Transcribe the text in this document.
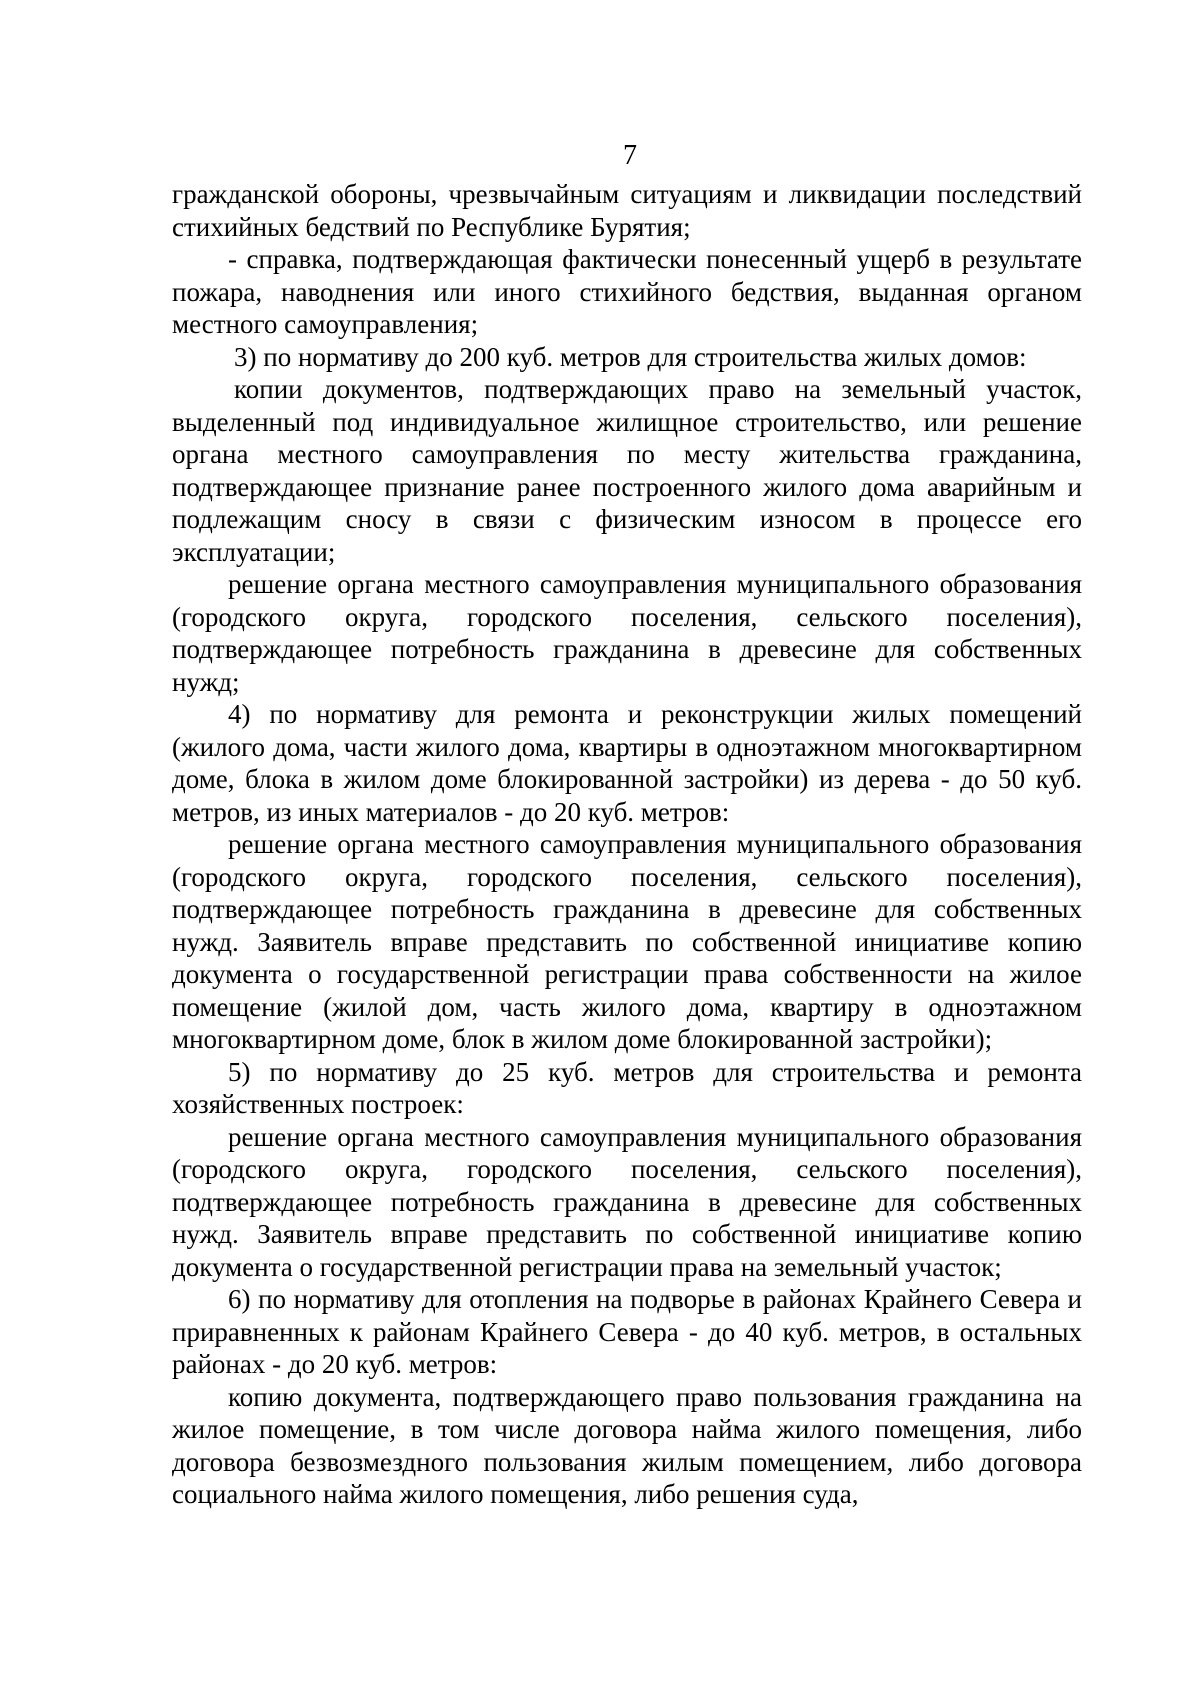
7

гражданской обороны, чрезвычайным ситуациям и ликвидации последствий стихийных бедствий по Республике Бурятия;

- справка, подтверждающая фактически понесенный ущерб в результате пожара, наводнения или иного стихийного бедствия, выданная органом местного самоуправления;

3) по нормативу до 200 куб. метров для строительства жилых домов:

копии документов, подтверждающих право на земельный участок, выделенный под индивидуальное жилищное строительство, или решение органа местного самоуправления по месту жительства гражданина, подтверждающее признание ранее построенного жилого дома аварийным и подлежащим сносу в связи с физическим износом в процессе его эксплуатации;

решение органа местного самоуправления муниципального образования (городского округа, городского поселения, сельского поселения), подтверждающее потребность гражданина в древесине для собственных нужд;

4) по нормативу для ремонта и реконструкции жилых помещений (жилого дома, части жилого дома, квартиры в одноэтажном многоквартирном доме, блока в жилом доме блокированной застройки) из дерева - до 50 куб. метров, из иных материалов - до 20 куб. метров:

решение органа местного самоуправления муниципального образования (городского округа, городского поселения, сельского поселения), подтверждающее потребность гражданина в древесине для собственных нужд. Заявитель вправе представить по собственной инициативе копию документа о государственной регистрации права собственности на жилое помещение (жилой дом, часть жилого дома, квартиру в одноэтажном многоквартирном доме, блок в жилом доме блокированной застройки);

5) по нормативу до 25 куб. метров для строительства и ремонта хозяйственных построек:

решение органа местного самоуправления муниципального образования (городского округа, городского поселения, сельского поселения), подтверждающее потребность гражданина в древесине для собственных нужд. Заявитель вправе представить по собственной инициативе копию документа о государственной регистрации права на земельный участок;

6) по нормативу для отопления на подворье в районах Крайнего Севера и приравненных к районам Крайнего Севера - до 40 куб. метров, в остальных районах - до 20 куб. метров:

копию документа, подтверждающего право пользования гражданина на жилое помещение, в том числе договора найма жилого помещения, либо договора безвозмездного пользования жилым помещением, либо договора социального найма жилого помещения, либо решения суда,
